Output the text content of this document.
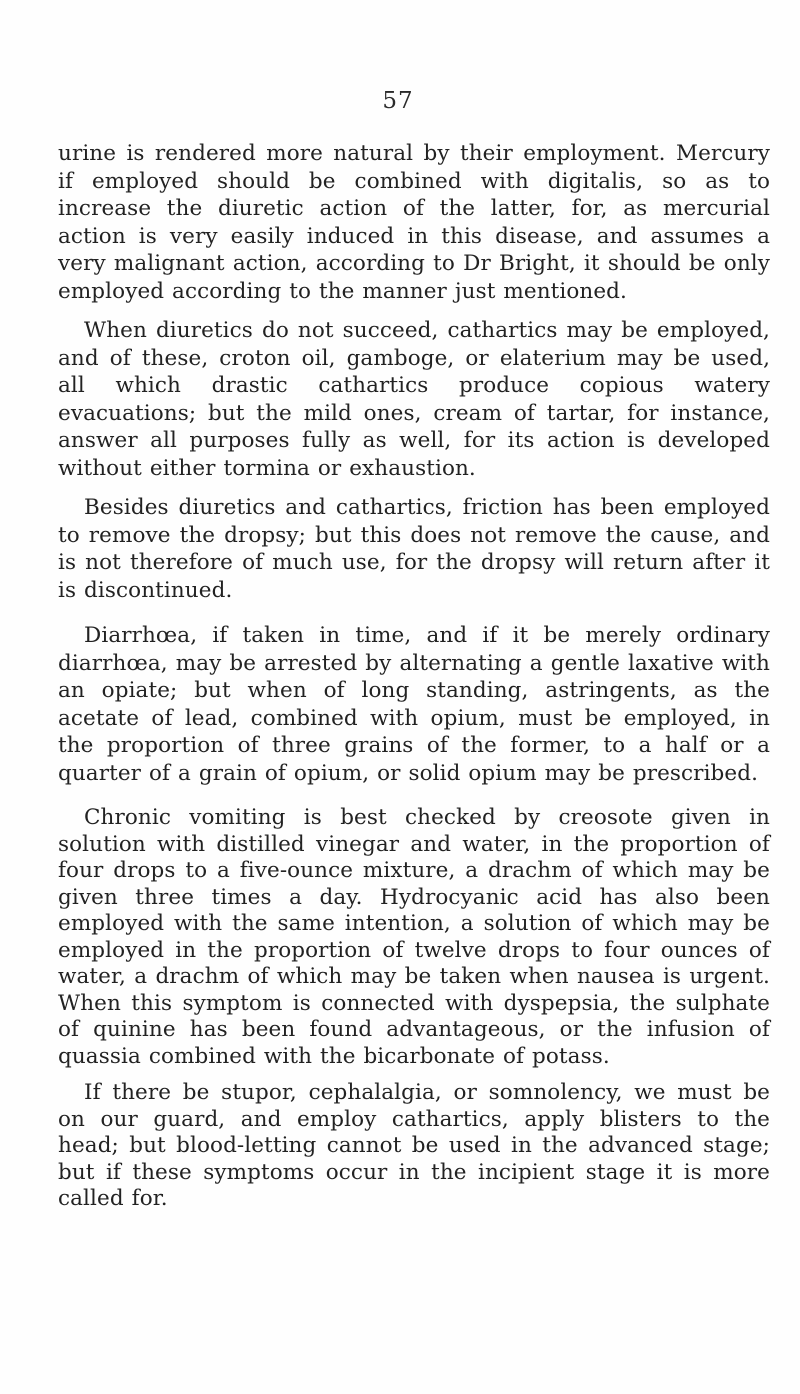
57

urine is rendered more natural by their employment. Mercury if employed should be combined with digitalis, so as to increase the diuretic action of the latter, for, as mercurial action is very easily induced in this disease, and assumes a very malignant action, according to Dr Bright, it should be only employed according to the manner just mentioned.

When diuretics do not succeed, cathartics may be employed, and of these, croton oil, gamboge, or elaterium may be used, all which drastic cathartics produce copious watery evacuations; but the mild ones, cream of tartar, for instance, answer all purposes fully as well, for its action is developed without either tormina or exhaustion.

Besides diuretics and cathartics, friction has been employed to remove the dropsy; but this does not remove the cause, and is not therefore of much use, for the dropsy will return after it is discontinued.

Diarrhœa, if taken in time, and if it be merely ordinary diarrhœa, may be arrested by alternating a gentle laxative with an opiate; but when of long standing, astringents, as the acetate of lead, combined with opium, must be employed, in the proportion of three grains of the former, to a half or a quarter of a grain of opium, or solid opium may be prescribed.

Chronic vomiting is best checked by creosote given in solution with distilled vinegar and water, in the proportion of four drops to a five-ounce mixture, a drachm of which may be given three times a day. Hydrocyanic acid has also been employed with the same intention, a solution of which may be employed in the proportion of twelve drops to four ounces of water, a drachm of which may be taken when nausea is urgent. When this symptom is connected with dyspepsia, the sulphate of quinine has been found advantageous, or the infusion of quassia combined with the bicarbonate of potass.

If there be stupor, cephalalgia, or somnolency, we must be on our guard, and employ cathartics, apply blisters to the head; but blood-letting cannot be used in the advanced stage; but if these symptoms occur in the incipient stage it is more called for.
